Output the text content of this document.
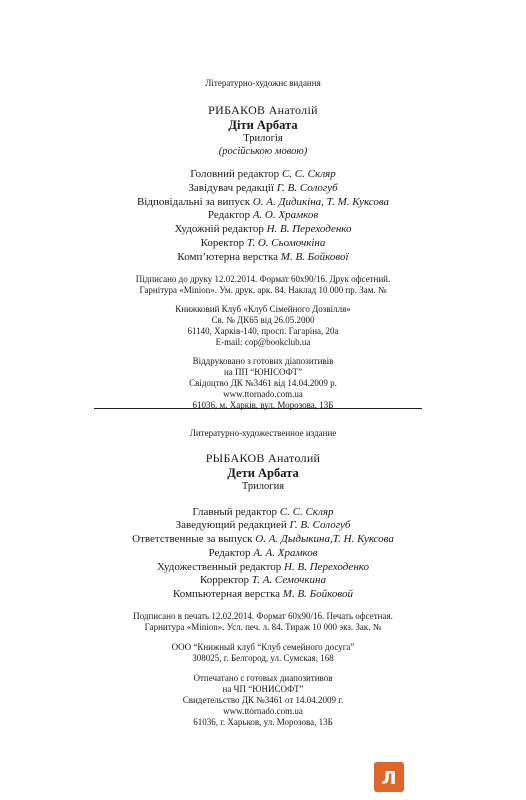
Літературно-художнє видання
РИБАКОВ Анатолій
Діти Арбата
Трилогія
(російською мовою)
Головний редактор С. С. Скляр
Завідувач редакції Г. В. Сологуб
Відповідальні за випуск О. А. Дидикіна, Т. М. Куксова
Редактор А. О. Храмков
Художній редактор Н. В. Переходенко
Коректор Т. О. Сьомочкіна
Комп’ютерна верстка М. В. Бойкової
Підписано до друку 12.02.2014. Формат 60х90/16. Друк офсетний.
Гарнітура «Minion». Ум. друк. арк. 84. Наклад 10 000 пр. Зам. №
Книжковий Клуб «Клуб Сімейного Дозвілля»
Св. № ДК65 від 26.05.2000
61140, Харків-140, просп. Гагаріна, 20а
E-mail: cop@bookclub.ua
Віддруковано з готових діапозитивів
на ПП “ЮНІСОФТ”
Свідоцтво ДК №3461 від 14.04.2009 р.
www.ttornado.com.ua
61036, м. Харків, вул. Морозова, 13Б
Литературно-художественное издание
РЫБАКОВ Анатолий
Дети Арбата
Трилогия
Главный редактор С. С. Скляр
Заведующий редакцией Г. В. Сологуб
Ответственные за выпуск О. А. Дыдыкина,Т. Н. Куксова
Редактор А. А. Храмков
Художественный редактор Н. В. Переходенко
Корректор Т. А. Семочкина
Компьютерная верстка М. В. Бойковой
Подписано в печать 12.02.2014. Формат 60х90/16. Печать офсетная.
Гарнитура «Minion». Усл. печ. л. 84. Тираж 10 000 экз. Зак. №
ООО “Книжный клуб “Клуб семейного досуга”
308025, г. Белгород, ул. Сумская, 168
Отпечатано с готовых диапозитивов
на ЧП “ЮНИСОФТ”
Свидетельство ДК №3461 от 14.04.2009 г.
www.ttornado.com.ua
61036, г. Харьков, ул. Морозова, 13Б
Л
